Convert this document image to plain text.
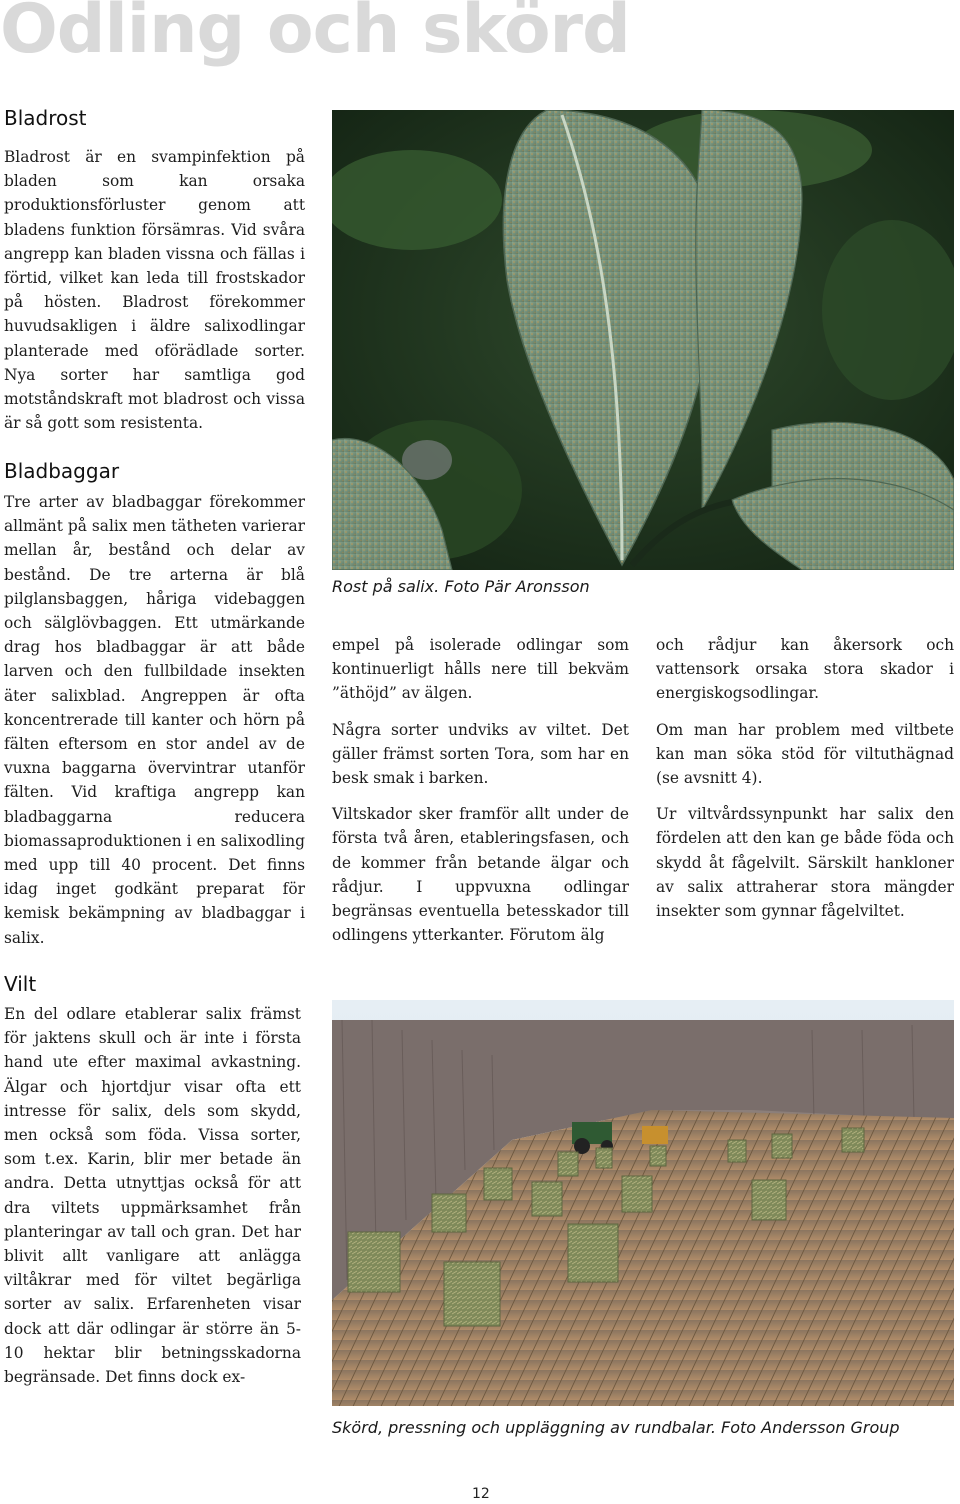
Odling och skörd
Bladrost

Bladrost är en svampinfektion på bladen som kan orsaka produktionsförluster genom att bladens funktion försämras. Vid svåra angrepp kan bladen vissna och fällas i förtid, vilket kan leda till frostskador på hösten. Bladrost förekommer huvudsakligen i äldre salixodlingar planterade med oförädlade sorter. Nya sorter har samtliga god motståndskraft mot bladrost och vissa är så gott som resistenta.

Bladbaggar

Tre arter av bladbaggar förekommer allmänt på salix men tätheten varierar mellan år, bestånd och delar av bestånd. De tre arterna är blå pilglansbaggen, håriga videbaggen och sälglövbaggen. Ett utmärkande drag hos bladbaggar är att både larven och den fullbildade insekten äter salixblad. Angreppen är ofta koncentrerade till kanter och hörn på fälten eftersom en stor andel av de vuxna baggarna övervintrar utanför fälten. Vid kraftiga angrepp kan bladbaggarna reducera biomassaproduktionen i en salixodling med upp till 40 procent. Det finns idag inget godkänt preparat för kemisk bekämpning av bladbaggar i salix.

Vilt

En del odlare etablerar salix främst för jaktens skull och är inte i första hand ute efter maximal avkastning. Älgar och hjortdjur visar ofta ett intresse för salix, dels som skydd, men också som föda. Vissa sorter, som t.ex. Karin, blir mer betade än andra. Detta utnyttjas också för att dra viltets uppmärksamhet från planteringar av tall och gran. Det har blivit allt vanligare att anlägga viltåkrar med för viltet begärliga sorter av salix. Erfarenheten visar dock att där odlingar är större än 5-10 hektar blir betningsskadorna begränsade. Det finns dock ex-

Rost på salix. Foto Pär Aronsson

empel på isolerade odlingar som kontinuerligt hålls nere till bekväm ”äthöjd” av älgen.

Några sorter undviks av viltet. Det gäller främst sorten Tora, som har en besk smak i barken.

Viltskador sker framför allt under de första två åren, etableringsfasen, och de kommer från betande älgar och rådjur. I uppvuxna odlingar begränsas eventuella betesskador till odlingens ytterkanter. Förutom älg

och rådjur kan åkersork och vattensork orsaka stora skador i energiskogsodlingar.

Om man har problem med viltbete kan man söka stöd för viltuthägnad (se avsnitt 4).

Ur viltvårdssynpunkt har salix den fördelen att den kan ge både föda och skydd åt fågelvilt. Särskilt hankloner av salix attraherar stora mängder insekter som gynnar fågelviltet.

Skörd, pressning och uppläggning av rundbalar. Foto Andersson Group
12
